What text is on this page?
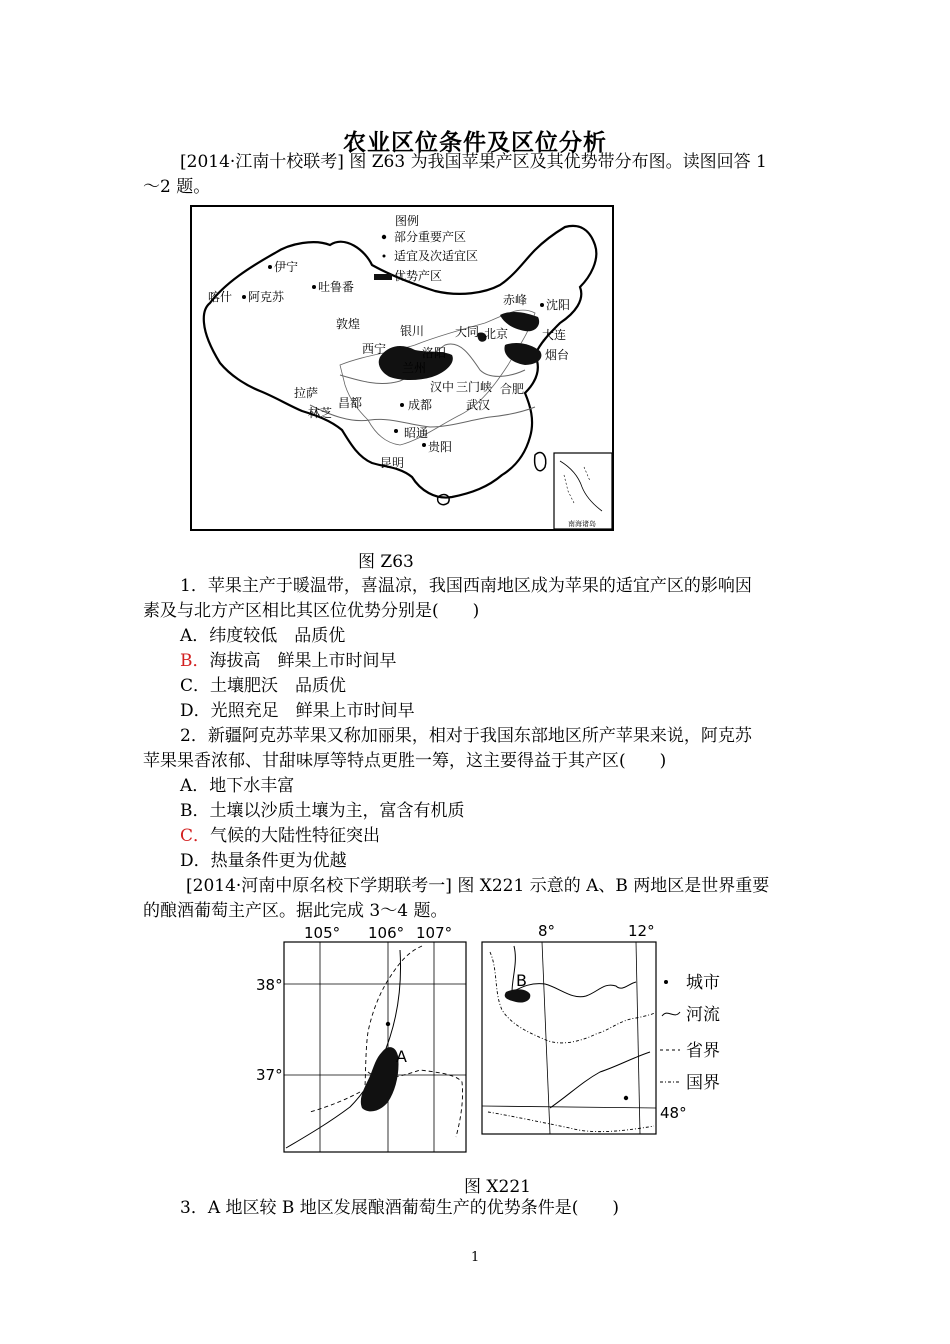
农业区位条件及区位分析
[2014·江南十校联考] 图 Z63 为我国苹果产区及其优势带分布图。读图回答 1
～2 题。
图例
部分重要产区
适宜及次适宜区
优势产区
伊宁
吐鲁番
喀什 阿克苏
敦煌	银川	大同 北京
赤峰 沈阳
大连
烟台
西宁
兰州
洛阳
汉中 三门峡 合肥
拉萨
林芝
昌都	成都	武汉
昭通
贵阳
昆明
南海诸岛
图 Z63
1．苹果主产于暖温带，喜温凉，我国西南地区成为苹果的适宜产区的影响因
素及与北方产区相比其区位优势分别是(　　)
A．纬度较低　品质优
B．海拔高　鲜果上市时间早
C．土壤肥沃　品质优
D．光照充足　鲜果上市时间早
2．新疆阿克苏苹果又称加丽果，相对于我国东部地区所产苹果来说，阿克苏
苹果果香浓郁、甘甜味厚等特点更胜一筹，这主要得益于其产区(　　)
A．地下水丰富
B．土壤以沙质土壤为主，富含有机质
C．气候的大陆性特征突出
D．热量条件更为优越
[2014·河南中原名校下学期联考一] 图 X221 示意的 A、B 两地区是世界重要
的酿酒葡萄主产区。据此完成 3～4 题。
105° 106° 107°
38°
37°
A
8°	12°
48°
B	城市
河流
省界
国界
图 X221
3．A 地区较 B 地区发展酿酒葡萄生产的优势条件是(　　)
1
